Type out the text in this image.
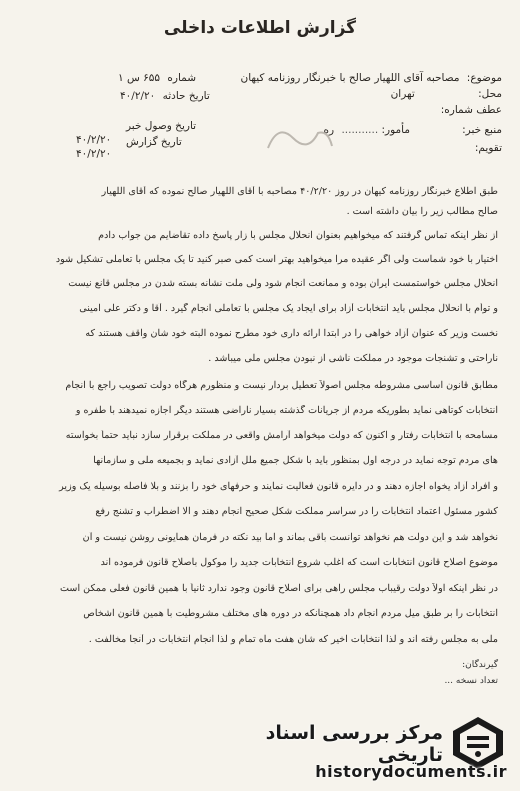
گزارش اطلاعات داخلی
موضوع: مصاحبه آقای اللهیار صالح با خبرنگار روزنامه کیهان
شماره ۶۵۵ س ۱
محل: تهران
تاریخ حادثه ۴۰/۲/۲۰
عطف شماره:
منبع خبر:
مأمور: ........... ره
تاریخ وصول خبر
۴۰/۲/۲۰
تقویم:
تاریخ گزارش
۴۰/۲/۲۰
طبق اطلاع خبرنگار روزنامه کیهان در روز ۴۰/۲/۲۰ مصاحبه با آقای اللهیار صالح نموده که آقای اللهیار
صالح مطالب زیر را بیان داشته است .
از نظر اینکه تماس گرفتند که میخواهیم بعنوان انحلال مجلس با زار پاسخ داده تقاضایم من جواب دادم
اختیار با خود شماست ولی اگر عقیده مرا میخواهید بهتر است کمی صبر کنید تا یک مجلس با تعاملی تشکیل شود
انحلال مجلس خواستمست ایران بوده و ممانعت انجام شود ولی ملت نشانه بسته شدن درِ مجلس قانع نیست
و توأم با انحلال مجلس باید انتخابات آزاد برای ایجاد یک مجلس با تعاملی انجام گیرد . آقا و دکتر علی امینی
نخست وزیر که عنوان آزاد خواهی را در ابتدا ارائه داری خود مطرح نموده البته خود شان واقف هستند که
ناراحتی و تشنجات موجود در مملکت ناشی از نبودن مجلس ملی میباشد .
مطابق قانون اساسی مشروطه مجلس اصولاً تعطیل بردار نیست و منظورم هرگاه دولت تصویب راجع با انجام
انتخابات کوتاهی نماید بطوریکه مردم از جریانات گذشته بسیار ناراضی هستند دیگر اجازه نمیدهند با طفره و
مسامحه با انتخابات رفتار و اکنون که دولت میخواهد آرامش واقعی در مملکت برقرار سازد نباید حتماً بخواسته
های مردم توجه نماید در درجه اول بمنظور باید با شکل جمیع ملل آزادی نماید و بجمیعه ملی و سازمانها
و افراد آزاد یخواه اجازه دهند و در دایره قانون فعالیت نمایند و حرفهای خود را بزنند و بلا فاصله بوسیله یک وزیر
کشور مسئول اعتماد انتخابات را در سراسر مملکت شکل صحیح انجام دهند و الا اضطراب و تشنج رفع
نخواهد شد و این دولت هم نخواهد توانست باقی بماند و اما بید نکته در فرمان همایونی روشن نیست و آن
موضوع اصلاح قانون انتخابات است که اغلب شروع انتخابات جدید را موکول باصلاح قانون فرموده اند
در نظر اینکه اولاً دولت رقیباب مجلس راهی برای اصلاح قانون وجود ندارد ثانیاً با همین قانون فعلی ممکن است
انتخابات را بر طبق میل مردم انجام داد همچنانکه در دوره های مختلف مشروطیت با همین قانون اشخاص
ملی به مجلس رفته اند و لذا انتخابات اخیر که شان هفت ماه تمام و لذا انجام انتخابات در آنجا مخالفت .
گیرندگان:
تعداد نسخه ...
مرکز بررسی اسناد تاریخی
historydocuments.ir
